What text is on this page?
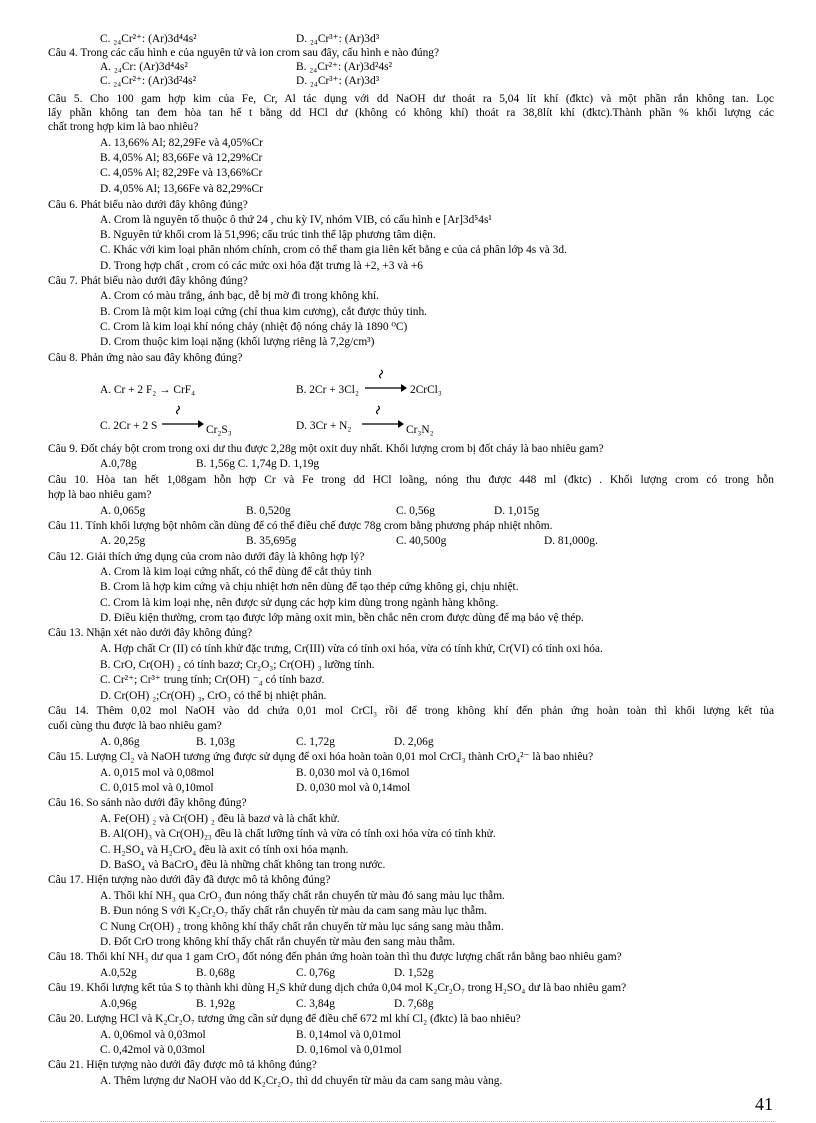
C. ₂₄Cr²⁺: (Ar)3d⁴4s²	D. ₂₄Cr³⁺: (Ar)3d³
Câu 4. Trong các cấu hình e của nguyên tử và ion crom sau đây, cấu hình e nào đúng?
A. ₂₄Cr: (Ar)3d⁴4s²	B. ₂₄Cr²⁺: (Ar)3d²4s²
C. ₂₄Cr²⁺: (Ar)3d²4s²	D. ₂₄Cr³⁺: (Ar)3d³
Câu 5. Cho 100 gam hợp kim của Fe, Cr, Al tác dụng với dd NaOH dư thoát ra 5,04 lít khí (đktc) và một phần rắn không tan. Lọc
lấy phần không tan đem hòa tan hế t bằng dd HCl dư (không có không khí) thoát ra 38,8lít khí (đktc).Thành phần % khối lượng các
chất trong hợp kim là bao nhiêu?
A. 13,66% Al; 82,29Fe và 4,05%Cr
B. 4,05% Al; 83,66Fe và 12,29%Cr
C. 4,05% Al; 82,29Fe và 13,66%Cr
D. 4,05% Al; 13,66Fe và 82,29%Cr
Câu 6. Phát biểu nào dưới đây không đúng?
A. Crom là nguyên tố thuộc ô thứ 24 , chu kỳ IV, nhóm VIB, có cấu hình e [Ar]3d⁵4s¹
B. Nguyên tử khối crom là 51,996; cấu trúc tinh thể lập phương tâm diện.
C. Khác với kim loại phân nhóm chính, crom có thể tham gia liên kết bằng e của cả phân lớp 4s và 3d.
D. Trong hợp chất , crom có các mức oxi hóa đặt trưng là +2, +3 và +6
Câu 7. Phát biểu nào dưới đây không đúng?
A. Crom có màu trắng, ánh bạc, dễ bị mờ đi trong không khí.
B. Crom là một kim loại cứng (chỉ thua kim cương), cắt được thủy tinh.
C. Crom là kim loại khí nóng chảy (nhiệt độ nóng chảy là 1890 ⁰C)
D. Crom thuộc kim loại nặng (khối lượng riêng là 7,2g/cm³)
Câu 8. Phản ứng nào sau đây không đúng?
A. Cr + 2 F₂ → CrF₄	B. 2Cr + 3Cl₂	2CrCl₃
C. 2Cr + 2 S	Cr₂S₃	D. 3Cr + N₂	Cr₃N₂
Câu 9. Đốt cháy bột crom trong oxi dư thu được 2,28g một oxit duy nhất. Khối lượng crom bị đốt cháy là bao nhiêu gam?
A.0,78g	B. 1,56g C. 1,74g D. 1,19g
Câu 10. Hòa tan hết 1,08gam hỗn hợp Cr và Fe trong dd HCl loãng, nóng thu được 448 ml (đktc) . Khối lượng crom có trong hỗn
hợp là bao nhiêu gam?
A. 0,065g	B. 0,520g	C. 0,56g	D. 1,015g
Câu 11. Tính khối lượng bột nhôm cần dùng để có thể điều chế được 78g crom bằng phương pháp nhiệt nhôm.
A. 20,25g	B. 35,695g	C. 40,500g	D. 81,000g.
Câu 12. Giải thích ứng dụng của crom nào dưới đây là không hợp lý?
A. Crom là kim loại cứng nhất, có thể dùng để cắt thủy tinh
B. Crom là hợp kim cứng và chịu nhiệt hơn nên dùng để tạo thép cứng không gỉ, chịu nhiệt.
C. Crom là kim loại nhẹ, nên được sử dụng các hợp kim dùng trong ngành hàng không.
D. Điều kiện thường, crom tạo được lớp màng oxit min, bền chắc nên crom được dùng để mạ bảo vệ thép.
Câu 13. Nhận xét nào dưới đây không đúng?
A. Hợp chất Cr (II) có tính khử đặc trưng, Cr(III) vừa có tính oxi hóa, vừa có tính khử, Cr(VI) có tính oxi hóa.
B. CrO, Cr(OH) ₂ có tính bazơ; Cr₂O₃; Cr(OH) ₃ lưỡng tính.
C. Cr²⁺; Cr³⁺ trung tính; Cr(OH) ⁻₄ có tính bazơ.
D. Cr(OH) ₂;Cr(OH) ₃, CrO₃ có thể bị nhiệt phân.
Câu 14. Thêm 0,02 mol NaOH vào dd chứa 0,01 mol CrCl₃ rồi để trong không khí đến phản ứng hoàn toàn thì khối lượng kết tủa
cuối cùng thu được là bao nhiêu gam?
A. 0,86g	B. 1,03g	C. 1,72g	D. 2,06g
Câu 15. Lượng Cl₂ và NaOH tương ứng được sử dụng để oxi hóa hoàn toàn 0,01 mol CrCl₃ thành CrO₄²⁻ là bao nhiêu?
A. 0,015 mol và 0,08mol	B. 0,030 mol và 0,16mol
C. 0,015 mol và 0,10mol	D. 0,030 mol và 0,14mol
Câu 16. So sánh nào dưới đây không đúng?
A. Fe(OH) ₂ và Cr(OH) ₂ đều là bazơ và là chất khử.
B. Al(OH)₃ và Cr(OH)₂₃ đều là chất lưỡng tính và vừa có tính oxi hóa vừa có tính khử.
C. H₂SO₄ và H₂CrO₄ đều là axit có tính oxi hóa mạnh.
D. BaSO₄ và BaCrO₄ đều là những chất không tan trong nước.
Câu 17. Hiện tượng nào dưới đây đã được mô tả không đúng?
A. Thổi khí NH₃ qua CrO₃ đun nóng thấy chất rắn chuyển từ màu đỏ sang màu lục thẫm.
B. Đun nóng S với K₂Cr₂O₇ thấy chất rắn chuyển từ màu da cam sang màu lục thẫm.
C Nung Cr(OH) ₂ trong không khí thấy chất rắn chuyển từ màu lục sáng sang màu thẫm.
D. Đốt CrO trong không khí thấy chất rắn chuyển từ màu đen sang màu thẫm.
Câu 18. Thổi khí NH₃ dư qua 1 gam CrO₃ đốt nóng đến phản ứng hoàn toàn thì thu được lượng chất rắn bằng bao nhiêu gam?
A.0,52g	B. 0,68g	C. 0,76g	D. 1,52g
Câu 19. Khối lượng kết tủa S tọ thành khi dùng H₂S khử dung dịch chứa 0,04 mol K₂Cr₂O₇ trong H₂SO₄ dư là bao nhiêu gam?
A.0,96g	B. 1,92g	C. 3,84g	D. 7,68g
Câu 20. Lượng HCl và K₂Cr₂O₇ tương ứng cần sử dụng để điều chế 672 ml khí Cl₂ (đktc) là bao nhiêu?
A. 0,06mol và 0,03mol	B. 0,14mol và 0,01mol
C. 0,42mol và 0,03mol	D. 0,16mol và 0,01mol
Câu 21. Hiện tượng nào dưới đây được mô tả không đúng?
A. Thêm lượng dư NaOH vào dd K₂Cr₂O₇ thì dd chuyển từ màu da cam sang màu vàng.
41
